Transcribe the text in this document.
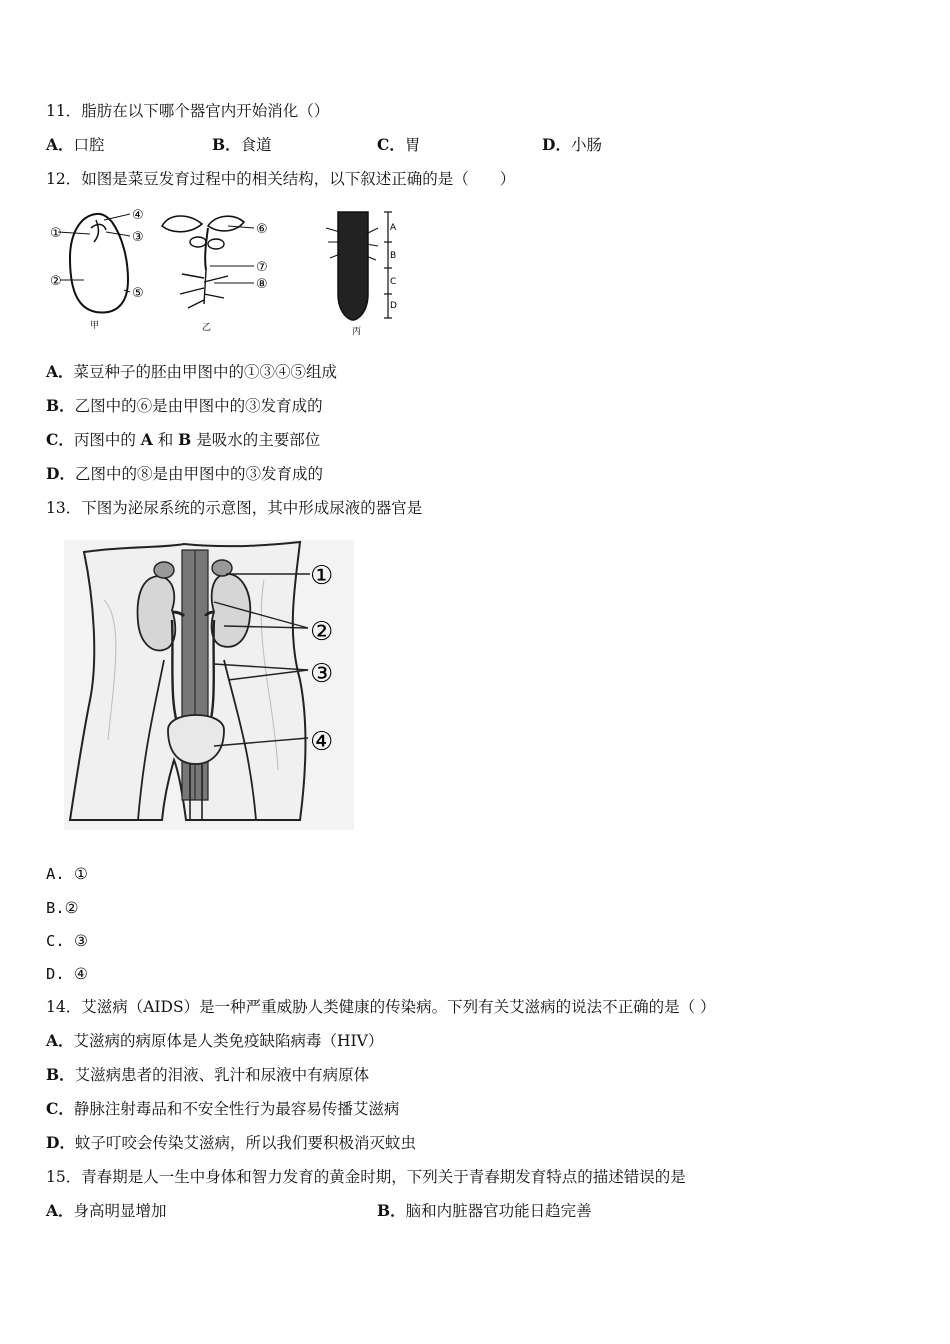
11．脂肪在以下哪个器官内开始消化（）
A．口腔	B．食道	C．胃	D．小肠
12．如图是菜豆发育过程中的相关结构，以下叙述正确的是（　　）
①
②
③
④
⑤
甲
⑥
⑦
⑧
乙
A
B
C
D
丙
A．菜豆种子的胚由甲图中的①③④⑤组成
B．乙图中的⑥是由甲图中的③发育成的
C．丙图中的 A 和 B 是吸水的主要部位
D．乙图中的⑧是由甲图中的③发育成的
13．下图为泌尿系统的示意图，其中形成尿液的器官是
①
②
③
④
A. ①
B.②
C. ③
D. ④
14．艾滋病（AIDS）是一种严重威胁人类健康的传染病。下列有关艾滋病的说法不正确的是（ ）
A．艾滋病的病原体是人类免疫缺陷病毒（HIV）
B．艾滋病患者的泪液、乳汁和尿液中有病原体
C．静脉注射毒品和不安全性行为最容易传播艾滋病
D．蚊子叮咬会传染艾滋病，所以我们要积极消灭蚊虫
15．青春期是人一生中身体和智力发育的黄金时期，下列关于青春期发育特点的描述错误的是
A．身高明显增加	B．脑和内脏器官功能日趋完善
